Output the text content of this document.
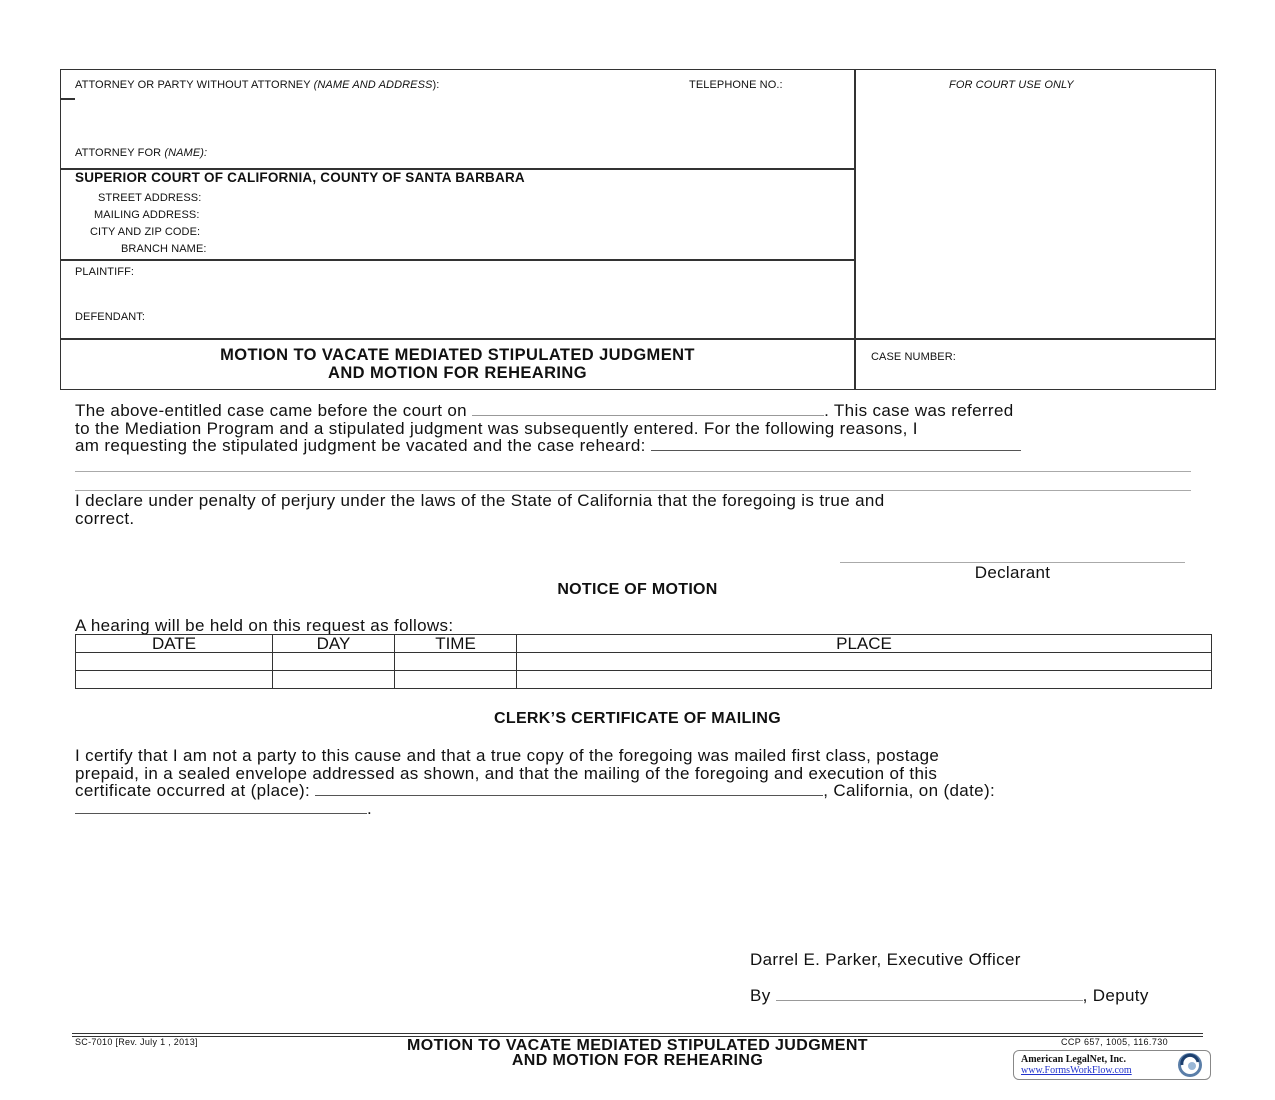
ATTORNEY OR PARTY WITHOUT ATTORNEY (NAME AND ADDRESS):	TELEPHONE NO.:
ATTORNEY FOR (NAME):
FOR COURT USE ONLY
SUPERIOR COURT OF CALIFORNIA, COUNTY OF SANTA BARBARA
STREET ADDRESS:
MAILING ADDRESS:
CITY AND ZIP CODE:
BRANCH NAME:
PLAINTIFF:
DEFENDANT:
MOTION TO VACATE MEDIATED STIPULATED JUDGMENT
AND MOTION FOR REHEARING
CASE NUMBER:
The above-entitled case came before the court on	. This case was referred
to the Mediation Program and a stipulated judgment was subsequently entered. For the following reasons, I
am requesting the stipulated judgment be vacated and the case reheard:
I declare under penalty of perjury under the laws of the State of California that the foregoing is true and
correct.
Declarant
NOTICE OF MOTION
A hearing will be held on this request as follows:
DATE	DAY	TIME	PLACE

CLERK’S CERTIFICATE OF MAILING
I certify that I am not a party to this cause and that a true copy of the foregoing was mailed first class, postage
prepaid, in a sealed envelope addressed as shown, and that the mailing of the foregoing and execution of this
certificate occurred at (place):	, California, on (date):
.
Darrel E. Parker, Executive Officer
By	, Deputy
SC-7010 [Rev. July 1 , 2013]	MOTION TO VACATE MEDIATED STIPULATED JUDGMENT
AND MOTION FOR REHEARING
CCP 657, 1005, 116.730
American LegalNet, Inc.
www.FormsWorkFlow.com
